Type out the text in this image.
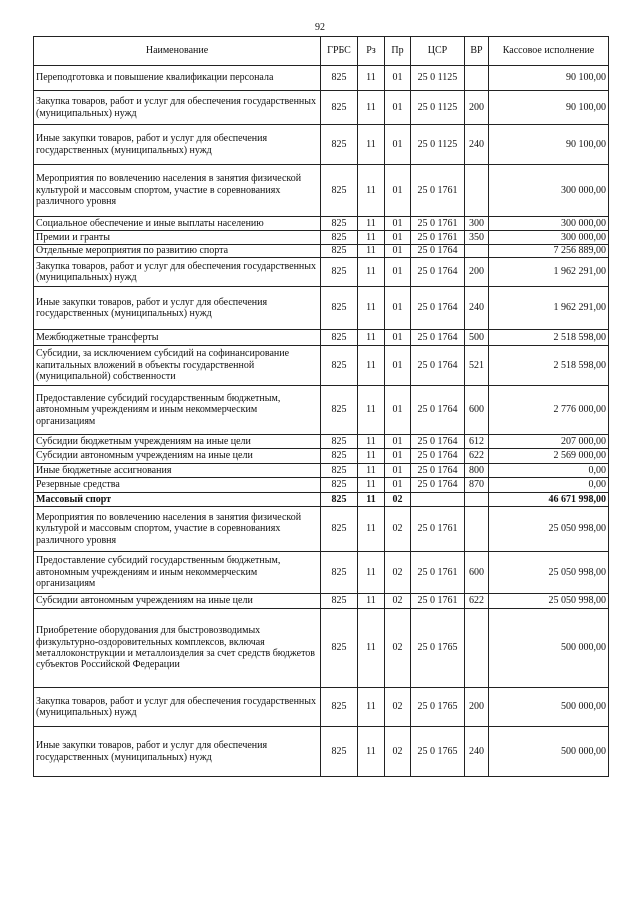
92
Наименование	ГРБС	Рз	Пр	ЦСР	ВР	Кассовое исполнение
Переподготовка и повышение квалификации персонала	825	11	01	25 0 1125		90 100,00
Закупка товаров, работ и услуг для обеспечения государственных (муниципальных) нужд	825	11	01	25 0 1125	200	90 100,00
Иные закупки товаров, работ и услуг для обеспечения государственных (муниципальных) нужд	825	11	01	25 0 1125	240	90 100,00
Мероприятия по вовлечению населения в занятия физической культурой и массовым спортом, участие в соревнованиях различного уровня	825	11	01	25 0 1761		300 000,00
Социальное обеспечение и иные выплаты населению	825	11	01	25 0 1761	300	300 000,00
Премии и гранты	825	11	01	25 0 1761	350	300 000,00
Отдельные мероприятия по развитию спорта	825	11	01	25 0 1764		7 256 889,00
Закупка товаров, работ и услуг для обеспечения государственных (муниципальных) нужд	825	11	01	25 0 1764	200	1 962 291,00
Иные закупки товаров, работ и услуг для обеспечения государственных (муниципальных) нужд	825	11	01	25 0 1764	240	1 962 291,00
Межбюджетные трансферты	825	11	01	25 0 1764	500	2 518 598,00
Субсидии, за исключением субсидий на софинансирование капитальных вложений в объекты государственной (муниципальной) собственности	825	11	01	25 0 1764	521	2 518 598,00
Предоставление субсидий государственным бюджетным, автономным учреждениям и иным некоммерческим организациям	825	11	01	25 0 1764	600	2 776 000,00
Субсидии бюджетным учреждениям на иные цели	825	11	01	25 0 1764	612	207 000,00
Субсидии автономным учреждениям на иные цели	825	11	01	25 0 1764	622	2 569 000,00
Иные бюджетные ассигнования	825	11	01	25 0 1764	800	0,00
Резервные средства	825	11	01	25 0 1764	870	0,00
Массовый спорт	825	11	02			46 671 998,00
Мероприятия по вовлечению населения в занятия физической культурой и массовым спортом, участие в соревнованиях различного уровня	825	11	02	25 0 1761		25 050 998,00
Предоставление субсидий государственным бюджетным, автономным учреждениям и иным некоммерческим организациям	825	11	02	25 0 1761	600	25 050 998,00
Субсидии автономным учреждениям на иные цели	825	11	02	25 0 1761	622	25 050 998,00
Приобретение оборудования для быстровозводимых физкультурно-оздоровительных комплексов, включая металлоконструкции и металлоизделия за счет средств бюджетов субъектов Российской Федерации	825	11	02	25 0 1765		500 000,00
Закупка товаров, работ и услуг для обеспечения государственных (муниципальных) нужд	825	11	02	25 0 1765	200	500 000,00
Иные закупки товаров, работ и услуг для обеспечения государственных (муниципальных) нужд	825	11	02	25 0 1765	240	500 000,00
